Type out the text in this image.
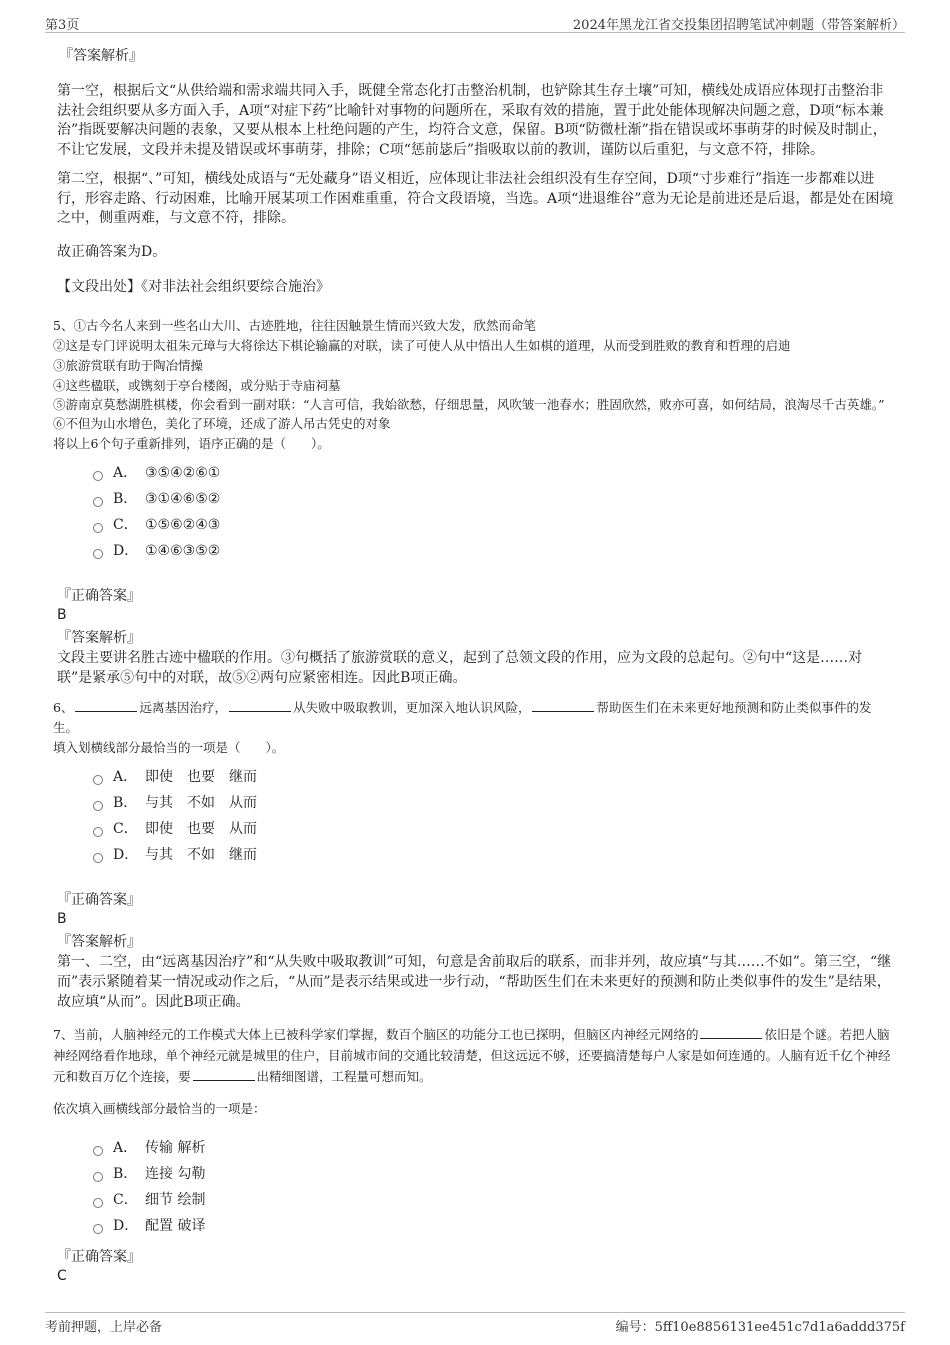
第3页	2024年黑龙江省交投集团招聘笔试冲刺题（带答案解析）
『答案解析』

第一空，根据后文“从供给端和需求端共同入手，既健全常态化打击整治机制，也铲除其生存土壤”可知，横线处成语应体现打击整治非法社会组织要从多方面入手，A项“对症下药”比喻针对事物的问题所在，采取有效的措施，置于此处能体现解决问题之意，D项“标本兼治”指既要解决问题的表象，又要从根本上杜绝问题的产生，均符合文意，保留。B项“防微杜渐”指在错误或坏事萌芽的时候及时制止，不让它发展，文段并未提及错误或坏事萌芽，排除；C项“惩前毖后”指吸取以前的教训，谨防以后重犯，与文意不符，排除。

第二空，根据“、”可知，横线处成语与“无处藏身”语义相近，应体现让非法社会组织没有生存空间，D项“寸步难行”指连一步都难以进行，形容走路、行动困难，比喻开展某项工作困难重重，符合文段语境，当选。A项“进退维谷”意为无论是前进还是后退，都是处在困境之中，侧重两难，与文意不符，排除。

故正确答案为D。

【文段出处】《对非法社会组织要综合施治》

5、①古今名人来到一些名山大川、古迹胜地，往往因触景生情而兴致大发，欣然而命笔

②这是专门评说明太祖朱元璋与大将徐达下棋论输赢的对联，读了可使人从中悟出人生如棋的道理，从而受到胜败的教育和哲理的启迪

③旅游赏联有助于陶冶情操

④这些楹联，或镌刻于亭台楼阁，或分贴于寺庙祠墓

⑤游南京莫愁湖胜棋楼，你会看到一副对联：“人言可信，我始欲愁，仔细思量，风吹皱一池春水；胜固欣然，败亦可喜，如何结局，浪淘尽千古英雄。”

⑥不但为山水增色，美化了环境，还成了游人吊古凭史的对象

将以上6个句子重新排列，语序正确的是（　　）。

A． ③⑤④②⑥①
B． ③①④⑥⑤②
C． ①⑤⑥②④③
D． ①④⑥③⑤②
『正确答案』
B
『答案解析』

文段主要讲名胜古迹中楹联的作用。③句概括了旅游赏联的意义，起到了总领文段的作用，应为文段的总起句。②句中“这是……对联”是紧承⑤句中的对联，故⑤②两句应紧密相连。因此B项正确。

6、	远离基因治疗，	从失败中吸取教训，更加深入地认识风险，	帮助医生们在未来更好地预测和防止类似事件的发生。

填入划横线部分最恰当的一项是（　　）。

A． 即使　也要　继而
B． 与其　不如　从而
C． 即使　也要　从而
D． 与其　不如　继而
『正确答案』
B
『答案解析』

第一、二空，由“远离基因治疗”和“从失败中吸取教训”可知，句意是舍前取后的联系，而非并列，故应填“与其……不如”。第三空，“继而”表示紧随着某一情况或动作之后，“从而”是表示结果或进一步行动，“帮助医生们在未来更好的预测和防止类似事件的发生”是结果，故应填“从而”。因此B项正确。

7、当前，人脑神经元的工作模式大体上已被科学家们掌握，数百个脑区的功能分工也已探明，但脑区内神经元网络的	依旧是个谜。若把人脑神经网络看作地球，单个神经元就是城里的住户，目前城市间的交通比较清楚，但这远远不够，还要搞清楚每户人家是如何连通的。人脑有近千亿个神经元和数百万亿个连接，要	出精细图谱，工程量可想而知。

依次填入画横线部分最恰当的一项是：

A． 传输 解析
B． 连接 勾勒
C． 细节 绘制
D． 配置 破译
『正确答案』
C
考前押题，上岸必备	编号：5ff10e8856131ee451c7d1a6addd375f
